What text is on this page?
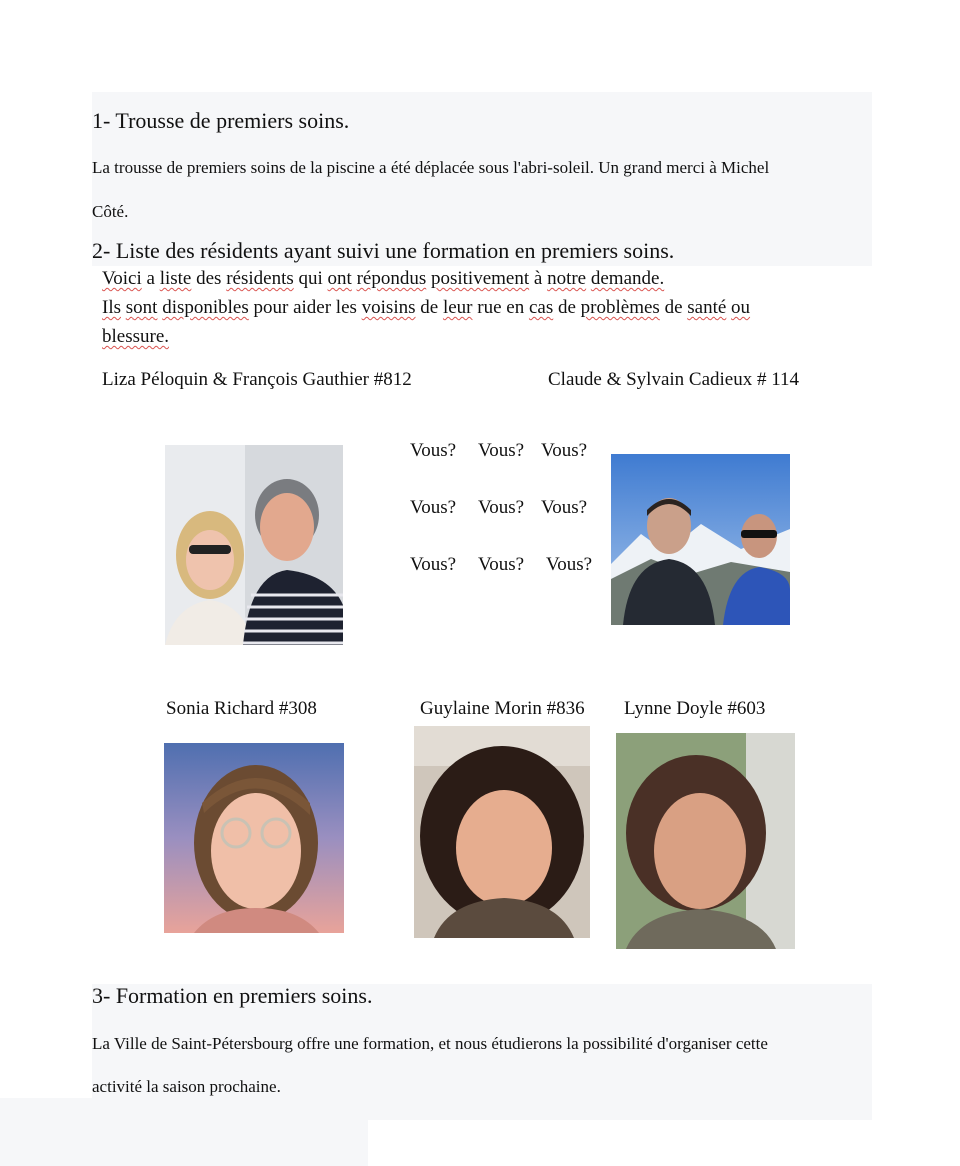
1- Trousse de premiers soins.

La trousse de premiers soins de la piscine a été déplacée sous l'abri-soleil. Un grand merci à Michel

Côté.

2- Liste des résidents ayant suivi une formation en premiers soins.
Voici a liste des résidents qui ont répondus positivement à notre demande.
Ils sont disponibles pour aider les voisins de leur rue en cas de problèmes de santé ou
blessure.
Liza Péloquin & François Gauthier #812	Claude & Sylvain Cadieux # 114
Vous? Vous? Vous?
Vous? Vous? Vous?
Vous? Vous? Vous?
Sonia Richard #308	Guylaine Morin #836 Lynne Doyle #603
3- Formation en premiers soins.

La Ville de Saint-Pétersbourg offre une formation, et nous étudierons la possibilité d'organiser cette

activité la saison prochaine.
